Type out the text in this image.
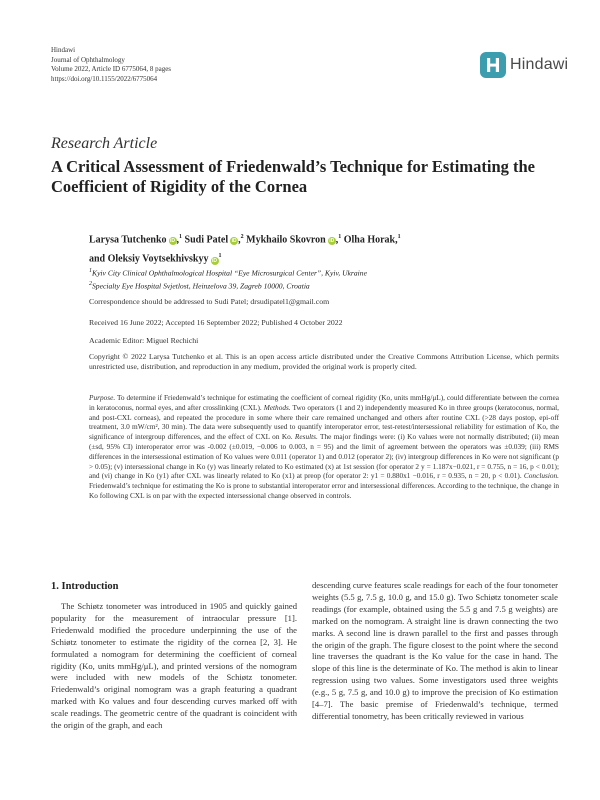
Hindawi
Journal of Ophthalmology
Volume 2022, Article ID 6775064, 8 pages
https://doi.org/10.1155/2022/6775064
Hindawi
Research Article
A Critical Assessment of Friedenwald’s Technique for Estimating the Coefficient of Rigidity of the Cornea
Larysa Tutchenko iD ,$^1$ Sudi Patel iD ,$^2$ Mykhailo Skovron iD ,$^1$ Olha Horak,$^1$
and Oleksiy Voytsekhivskyy $iD^1$
$^1$Kyiv City Clinical Ophthalmological Hospital “Eye Microsurgical Center”, Kyiv, Ukraine
$^2$Specialty Eye Hospital Svjetlost, Heinzelova 39, Zagreb 10000, Croatia
Correspondence should be addressed to Sudi Patel; drsudipatel1@gmail.com
Received 16 June 2022; Accepted 16 September 2022; Published 4 October 2022
Academic Editor: Miguel Rechichi
Copyright © 2022 Larysa Tutchenko et al. This is an open access article distributed under the Creative Commons Attribution License, which permits unrestricted use, distribution, and reproduction in any medium, provided the original work is properly cited.
Purpose. To determine if Friedenwald’s technique for estimating the coefficient of corneal rigidity (Ko, units mmHg/μL), could differentiate between the cornea in keratoconus, normal eyes, and after crosslinking (CXL). Methods. Two operators (1 and 2) independently measured Ko in three groups (keratoconus, normal, and post-CXL corneas), and repeated the procedure in some where their care remained unchanged and others after routine CXL (>28 days postop, epi-off treatment, 3.0 mW/cm², 30 min). The data were subsequently used to quantify interoperator error, test-retest/intersessional reliability for estimation of Ko, the significance of intergroup differences, and the effect of CXL on Ko. Results. The major findings were: (i) Ko values were not normally distributed; (ii) mean (±sd, 95% CI) interoperator error was -0.002 (±0.019, −0.006 to 0.003, n = 95) and the limit of agreement between the operators was ±0.039; (iii) RMS differences in the intersessional estimation of Ko values were 0.011 (operator 1) and 0.012 (operator 2); (iv) intergroup differences in Ko were not significant (p > 0.05); (v) intersessional change in Ko (y) was linearly related to Ko estimated (x) at 1st session (for operator 2 y = 1.187x−0.021, r = 0.755, n = 16, p < 0.01); and (vi) change in Ko (y1) after CXL was linearly related to Ko (x1) at preop (for operator 2: y1 = 0.880x1 −0.016, r = 0.935, n = 20, p < 0.01). Conclusion. Friedenwald’s technique for estimating the Ko is prone to substantial interoperator error and intersessional differences. According to the technique, the change in Ko following CXL is on par with the expected intersessional change observed in controls.
1. Introduction

The Schiøtz tonometer was introduced in 1905 and quickly gained popularity for the measurement of intraocular pressure [1]. Friedenwald modified the procedure underpinning the use of the Schiøtz tonometer to estimate the rigidity of the cornea [2, 3]. He formulated a nomogram for determining the coefficient of corneal rigidity (Ko, units mmHg/μL), and printed versions of the nomogram were included with new models of the Schiøtz tonometer. Friedenwald’s original nomogram was a graph featuring a quadrant marked with Ko values and four descending curves marked off with scale readings. The geometric centre of the quadrant is coincident with the origin of the graph, and each

descending curve features scale readings for each of the four tonometer weights (5.5 g, 7.5 g, 10.0 g, and 15.0 g). Two Schiøtz tonometer scale readings (for example, obtained using the 5.5 g and 7.5 g weights) are marked on the nomogram. A straight line is drawn connecting the two marks. A second line is drawn parallel to the first and passes through the origin of the graph. The figure closest to the point where the second line traverses the quadrant is the Ko value for the case in hand. The slope of this line is the determinate of Ko. The method is akin to linear regression using two values. Some investigators used three weights (e.g., 5 g, 7.5 g, and 10.0 g) to improve the precision of Ko estimation [4–7]. The basic premise of Friedenwald’s technique, termed differential tonometry, has been critically reviewed in various
